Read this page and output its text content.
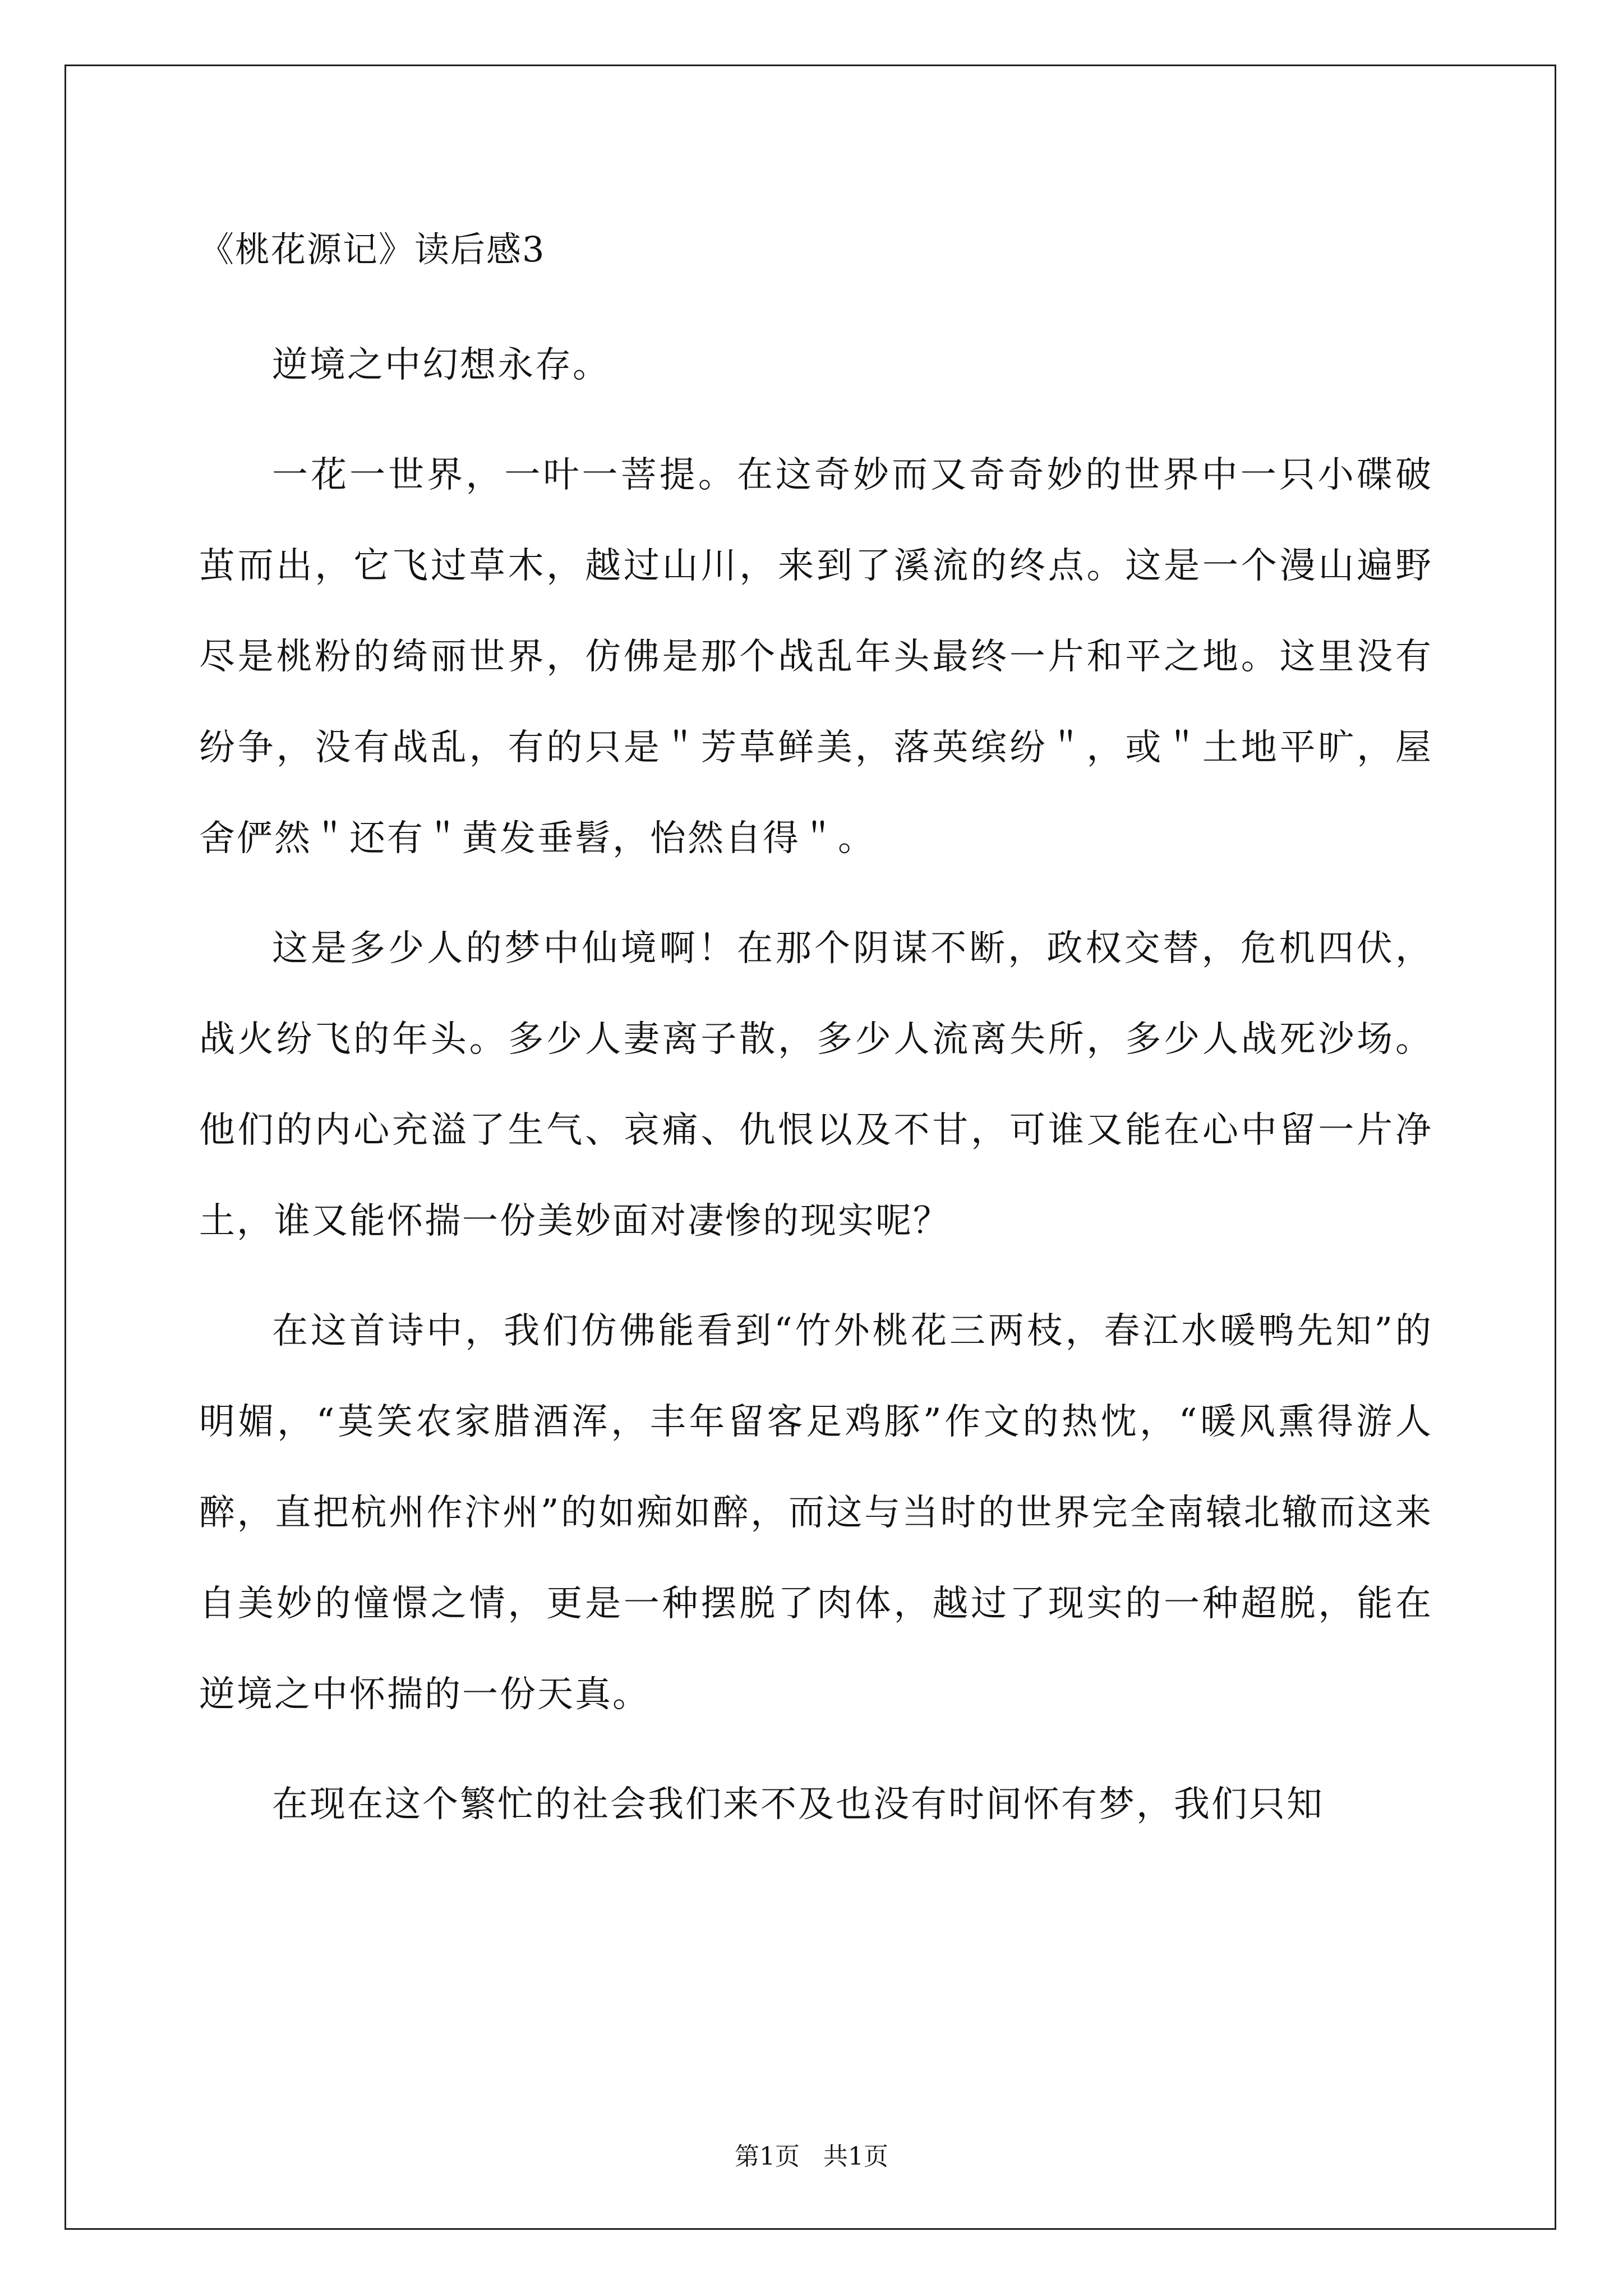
《桃花源记》读后感3

逆境之中幻想永存。

一花一世界，一叶一菩提。在这奇妙而又奇奇妙的世界中一只小碟破茧而出，它飞过草木，越过山川，来到了溪流的终点。这是一个漫山遍野尽是桃粉的绮丽世界，仿佛是那个战乱年头最终一片和平之地。这里没有纷争，没有战乱，有的只是＂芳草鲜美，落英缤纷＂，或＂土地平旷，屋舍俨然＂还有＂黄发垂髫，怡然自得＂。

这是多少人的梦中仙境啊！在那个阴谋不断，政权交替，危机四伏，战火纷飞的年头。多少人妻离子散，多少人流离失所，多少人战死沙场。他们的内心充溢了生气、哀痛、仇恨以及不甘，可谁又能在心中留一片净土，谁又能怀揣一份美妙面对凄惨的现实呢？

在这首诗中，我们仿佛能看到“竹外桃花三两枝，春江水暖鸭先知”的明媚，“莫笑农家腊酒浑，丰年留客足鸡豚”作文的热忱，“暖风熏得游人醉，直把杭州作汴州”的如痴如醉，而这与当时的世界完全南辕北辙而这来自美妙的憧憬之情，更是一种摆脱了肉体，越过了现实的一种超脱，能在逆境之中怀揣的一份天真。

在现在这个繁忙的社会我们来不及也没有时间怀有梦，我们只知

第1页 共1页
